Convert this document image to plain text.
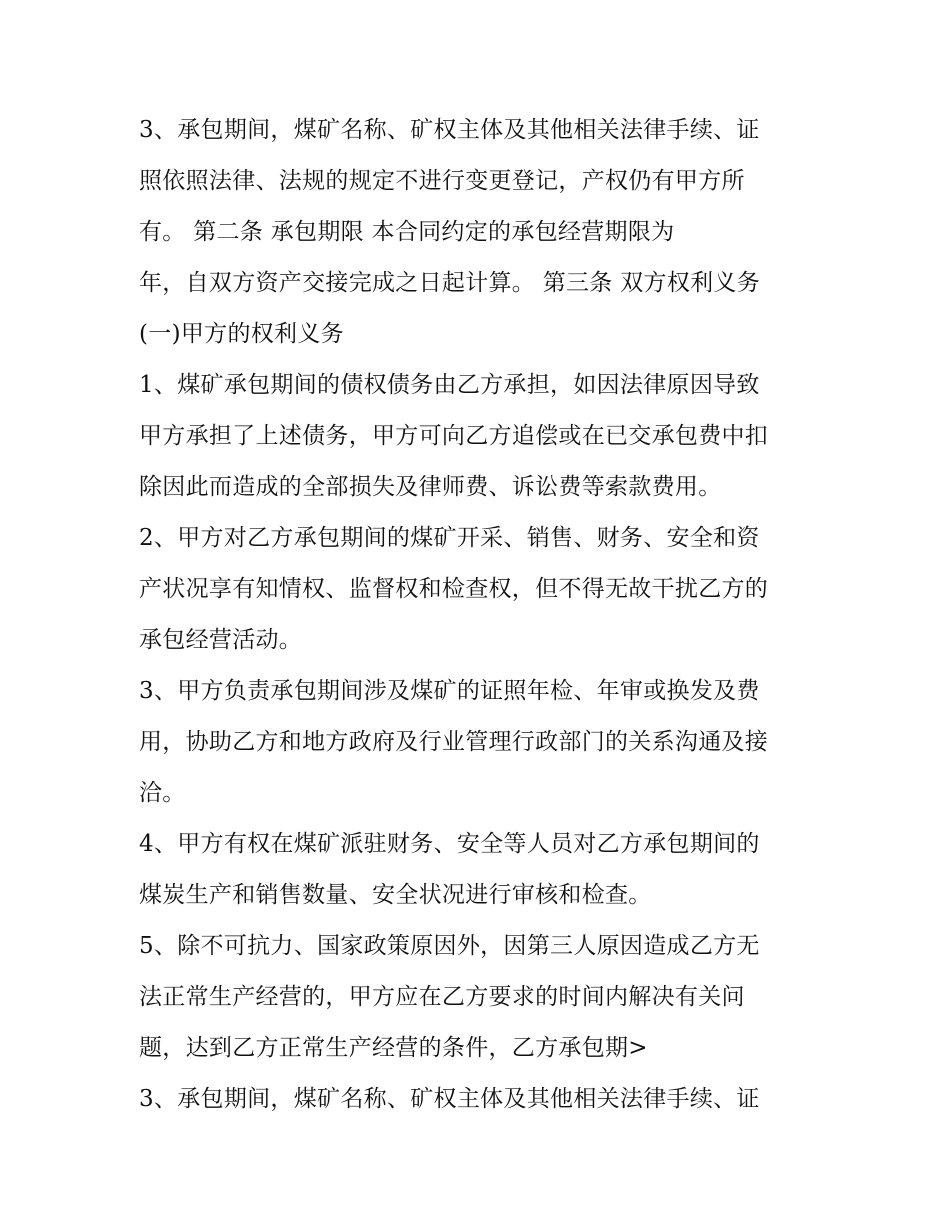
3、承包期间，煤矿名称、矿权主体及其他相关法律手续、证
照依照法律、法规的规定不进行变更登记，产权仍有甲方所
有。 第二条 承包期限 本合同约定的承包经营期限为
年，自双方资产交接完成之日起计算。 第三条 双方权利义务
(一)甲方的权利义务
1、煤矿承包期间的债权债务由乙方承担，如因法律原因导致
甲方承担了上述债务，甲方可向乙方追偿或在已交承包费中扣
除因此而造成的全部损失及律师费、诉讼费等索款费用。
2、甲方对乙方承包期间的煤矿开采、销售、财务、安全和资
产状况享有知情权、监督权和检查权，但不得无故干扰乙方的
承包经营活动。
3、甲方负责承包期间涉及煤矿的证照年检、年审或换发及费
用，协助乙方和地方政府及行业管理行政部门的关系沟通及接
洽。
4、甲方有权在煤矿派驻财务、安全等人员对乙方承包期间的
煤炭生产和销售数量、安全状况进行审核和检查。
5、除不可抗力、国家政策原因外，因第三人原因造成乙方无
法正常生产经营的，甲方应在乙方要求的时间内解决有关问
题，达到乙方正常生产经营的条件，乙方承包期>
3、承包期间，煤矿名称、矿权主体及其他相关法律手续、证
